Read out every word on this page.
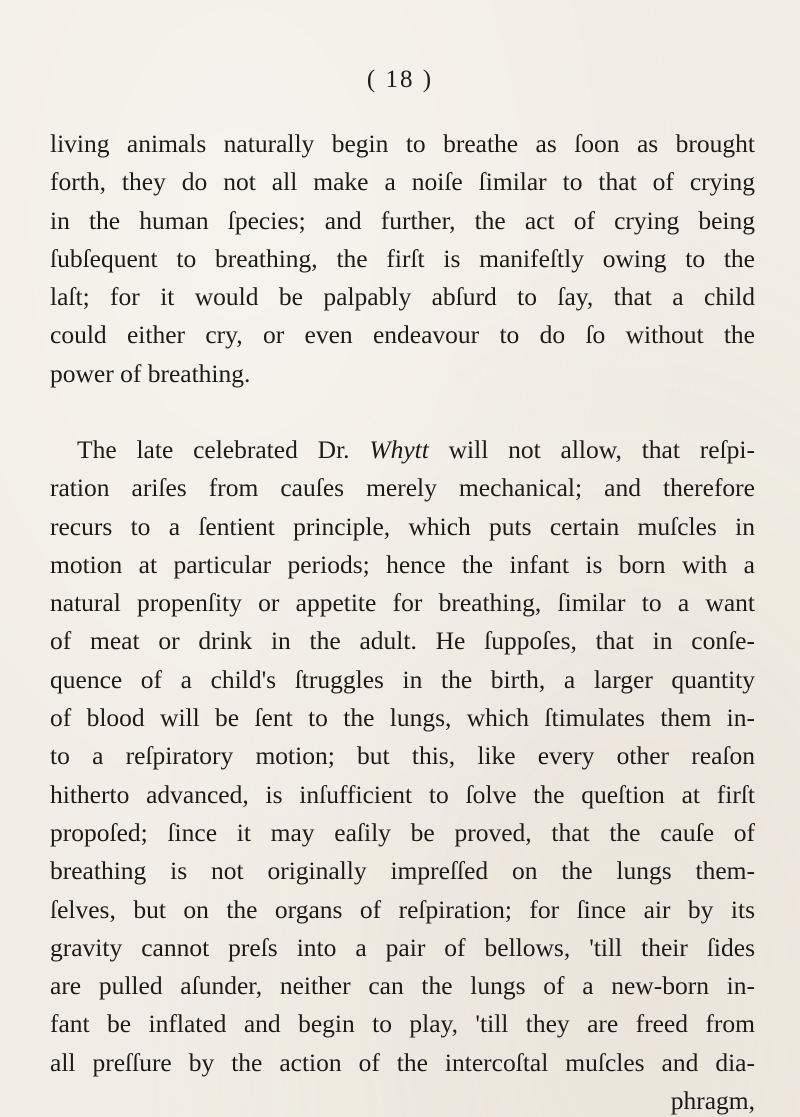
( 18 )
living animals naturally begin to breathe as ſoon as brought
forth, they do not all make a noiſe ſimilar to that of crying
in the human ſpecies; and further, the act of crying being
ſubſequent to breathing, the firſt is manifeſtly owing to the
laſt; for it would be palpably abſurd to ſay, that a child
could either cry, or even endeavour to do ſo without the
power of breathing.
The late celebrated Dr. Whytt will not allow, that reſpi-
ration ariſes from cauſes merely mechanical; and therefore
recurs to a ſentient principle, which puts certain muſcles in
motion at particular periods; hence the infant is born with a
natural propenſity or appetite for breathing, ſimilar to a want
of meat or drink in the adult. He ſuppoſes, that in conſe-
quence of a child's ſtruggles in the birth, a larger quantity
of blood will be ſent to the lungs, which ſtimulates them in-
to a reſpiratory motion; but this, like every other reaſon
hitherto advanced, is inſufficient to ſolve the queſtion at firſt
propoſed; ſince it may eaſily be proved, that the cauſe of
breathing is not originally impreſſed on the lungs them-
ſelves, but on the organs of reſpiration; for ſince air by its
gravity cannot preſs into a pair of bellows, 'till their ſides
are pulled aſunder, neither can the lungs of a new-born in-
fant be inflated and begin to play, 'till they are freed from
all preſſure by the action of the intercoſtal muſcles and dia-
phragm,
